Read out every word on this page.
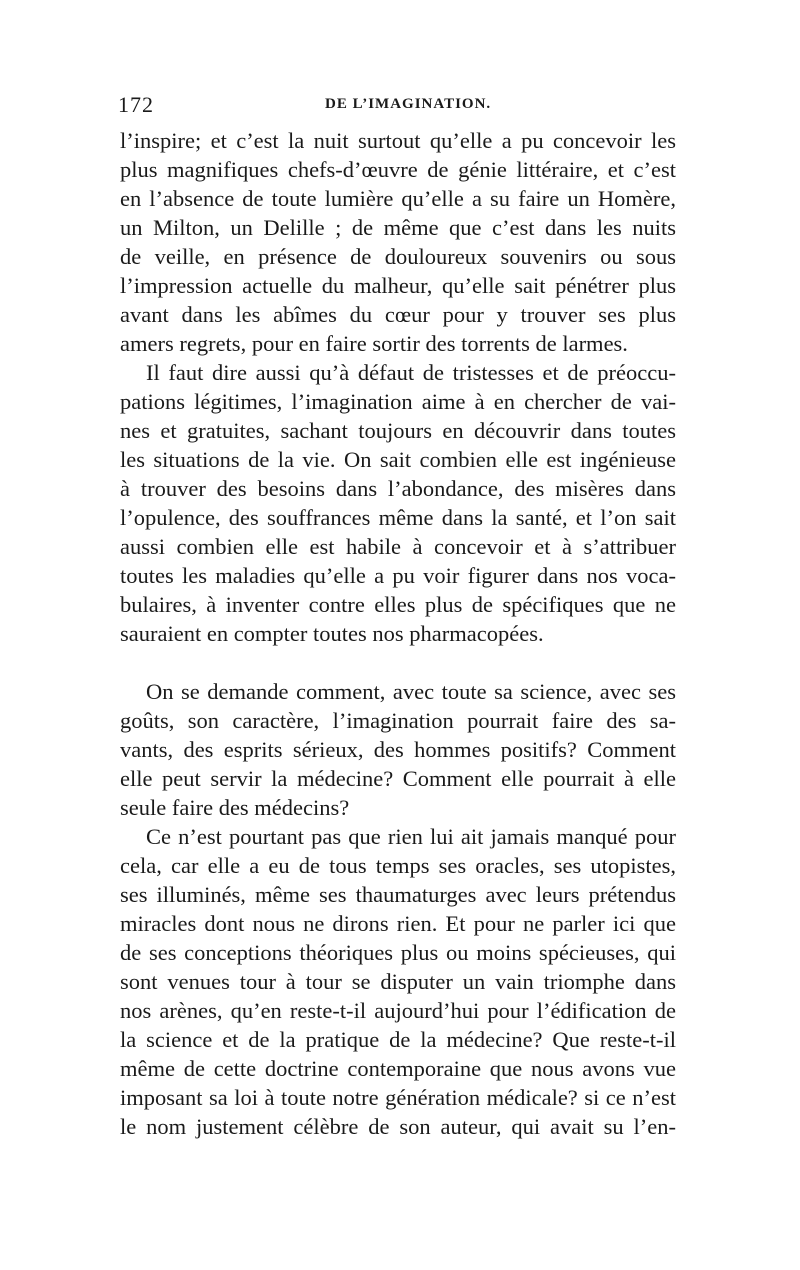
172	DE L’IMAGINATION.
l’inspire; et c’est la nuit surtout qu’elle a pu concevoir les
plus magnifiques chefs-d’œuvre de génie littéraire, et c’est
en l’absence de toute lumière qu’elle a su faire un Homère,
un Milton, un Delille ; de même que c’est dans les nuits
de veille, en présence de douloureux souvenirs ou sous
l’impression actuelle du malheur, qu’elle sait pénétrer plus
avant dans les abîmes du cœur pour y trouver ses plus
amers regrets, pour en faire sortir des torrents de larmes.
Il faut dire aussi qu’à défaut de tristesses et de préoccu-
pations légitimes, l’imagination aime à en chercher de vai-
nes et gratuites, sachant toujours en découvrir dans toutes
les situations de la vie. On sait combien elle est ingénieuse
à trouver des besoins dans l’abondance, des misères dans
l’opulence, des souffrances même dans la santé, et l’on sait
aussi combien elle est habile à concevoir et à s’attribuer
toutes les maladies qu’elle a pu voir figurer dans nos voca-
bulaires, à inventer contre elles plus de spécifiques que ne
sauraient en compter toutes nos pharmacopées.
On se demande comment, avec toute sa science, avec ses
goûts, son caractère, l’imagination pourrait faire des sa-
vants, des esprits sérieux, des hommes positifs? Comment
elle peut servir la médecine? Comment elle pourrait à elle
seule faire des médecins?
Ce n’est pourtant pas que rien lui ait jamais manqué pour
cela, car elle a eu de tous temps ses oracles, ses utopistes,
ses illuminés, même ses thaumaturges avec leurs prétendus
miracles dont nous ne dirons rien. Et pour ne parler ici que
de ses conceptions théoriques plus ou moins spécieuses, qui
sont venues tour à tour se disputer un vain triomphe dans
nos arènes, qu’en reste-t-il aujourd’hui pour l’édification de
la science et de la pratique de la médecine? Que reste-t-il
même de cette doctrine contemporaine que nous avons vue
imposant sa loi à toute notre génération médicale? si ce n’est
le nom justement célèbre de son auteur, qui avait su l’en-
